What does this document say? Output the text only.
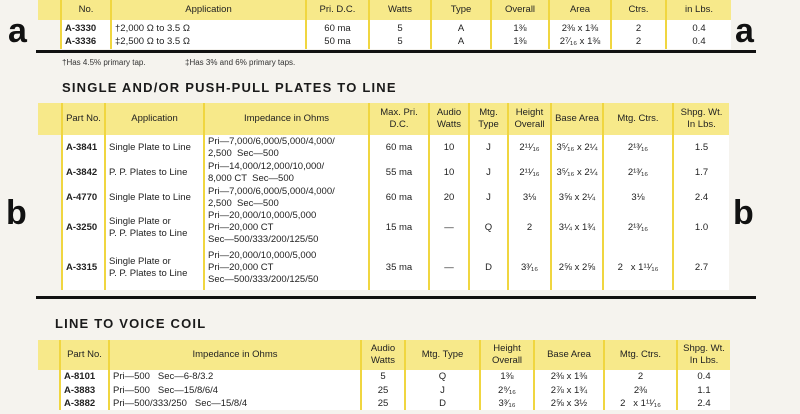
No.	Application	Pri. D.C.	Watts	Type	Overall	Area	Ctrs.	in Lbs.
A-3330	†2,000 Ω to 3.5 Ω	60 ma	5	A	1⅜	2⅜ x 1⅜	2	0.4
A-3336	‡2,500 Ω to 3.5 Ω	50 ma	5	A	1⅜	2⁷⁄₁₆ x 1⅜	2	0.4
a	a
†Has 4.5% primary tap.	‡Has 3% and 6% primary taps.
SINGLE AND/OR PUSH-PULL PLATES TO LINE
Part No.	Application	Impedance in Ohms	Max. Pri. D.C.	Audio Watts	Mtg. Type	Height Overall	Base Area	Mtg. Ctrs.	Shpg. Wt. In Lbs.
A-3841	Single Plate to Line	Pri—7,000/6,000/5,000/4,000/
2,500  Sec—500	60 ma	10	J	2¹¹⁄₁₆	3⁵⁄₁₆ x 2¼	2¹³⁄₁₆	1.5
A-3842	P. P. Plates to Line	Pri—14,000/12,000/10,000/
8,000 CT  Sec—500	55 ma	10	J	2¹¹⁄₁₆	3⁵⁄₁₆ x 2¼	2¹³⁄₁₆	1.7
A-4770	Single Plate to Line	Pri—7,000/6,000/5,000/4,000/
2,500  Sec—500	60 ma	20	J	3⅛	3⅝ x 2¼	3⅛	2.4
A-3250	Single Plate or
P. P. Plates to Line	Pri—20,000/10,000/5,000
Pri—20,000 CT
Sec—500/333/200/125/50	15 ma	—	Q	2	3¼ x 1¾	2¹³⁄₁₆	1.0
A-3315	Single Plate or
P. P. Plates to Line	Pri—20,000/10,000/5,000
Pri—20,000 CT
Sec—500/333/200/125/50	35 ma	—	D	3³⁄₁₆	2⅝ x 2⅝	2   x 1¹¹⁄₁₆	2.7
b	b
LINE TO VOICE COIL
Part No.	Impedance in Ohms	Audio Watts	Mtg. Type	Height Overall	Base Area	Mtg. Ctrs.	Shpg. Wt. In Lbs.
A-8101	Pri—500   Sec—6-8/3.2	5	Q	1⅜	2⅜ x 1⅜	2	0.4
A-3883	Pri—500   Sec—15/8/6/4	25	J	2⁹⁄₁₆	2⅞ x 1¾	2⅜	1.1
A-3882	Pri—500/333/250   Sec—15/8/4	25	D	3³⁄₁₆	2⅝ x 3½	2   x 1¹¹⁄₁₆	2.4
